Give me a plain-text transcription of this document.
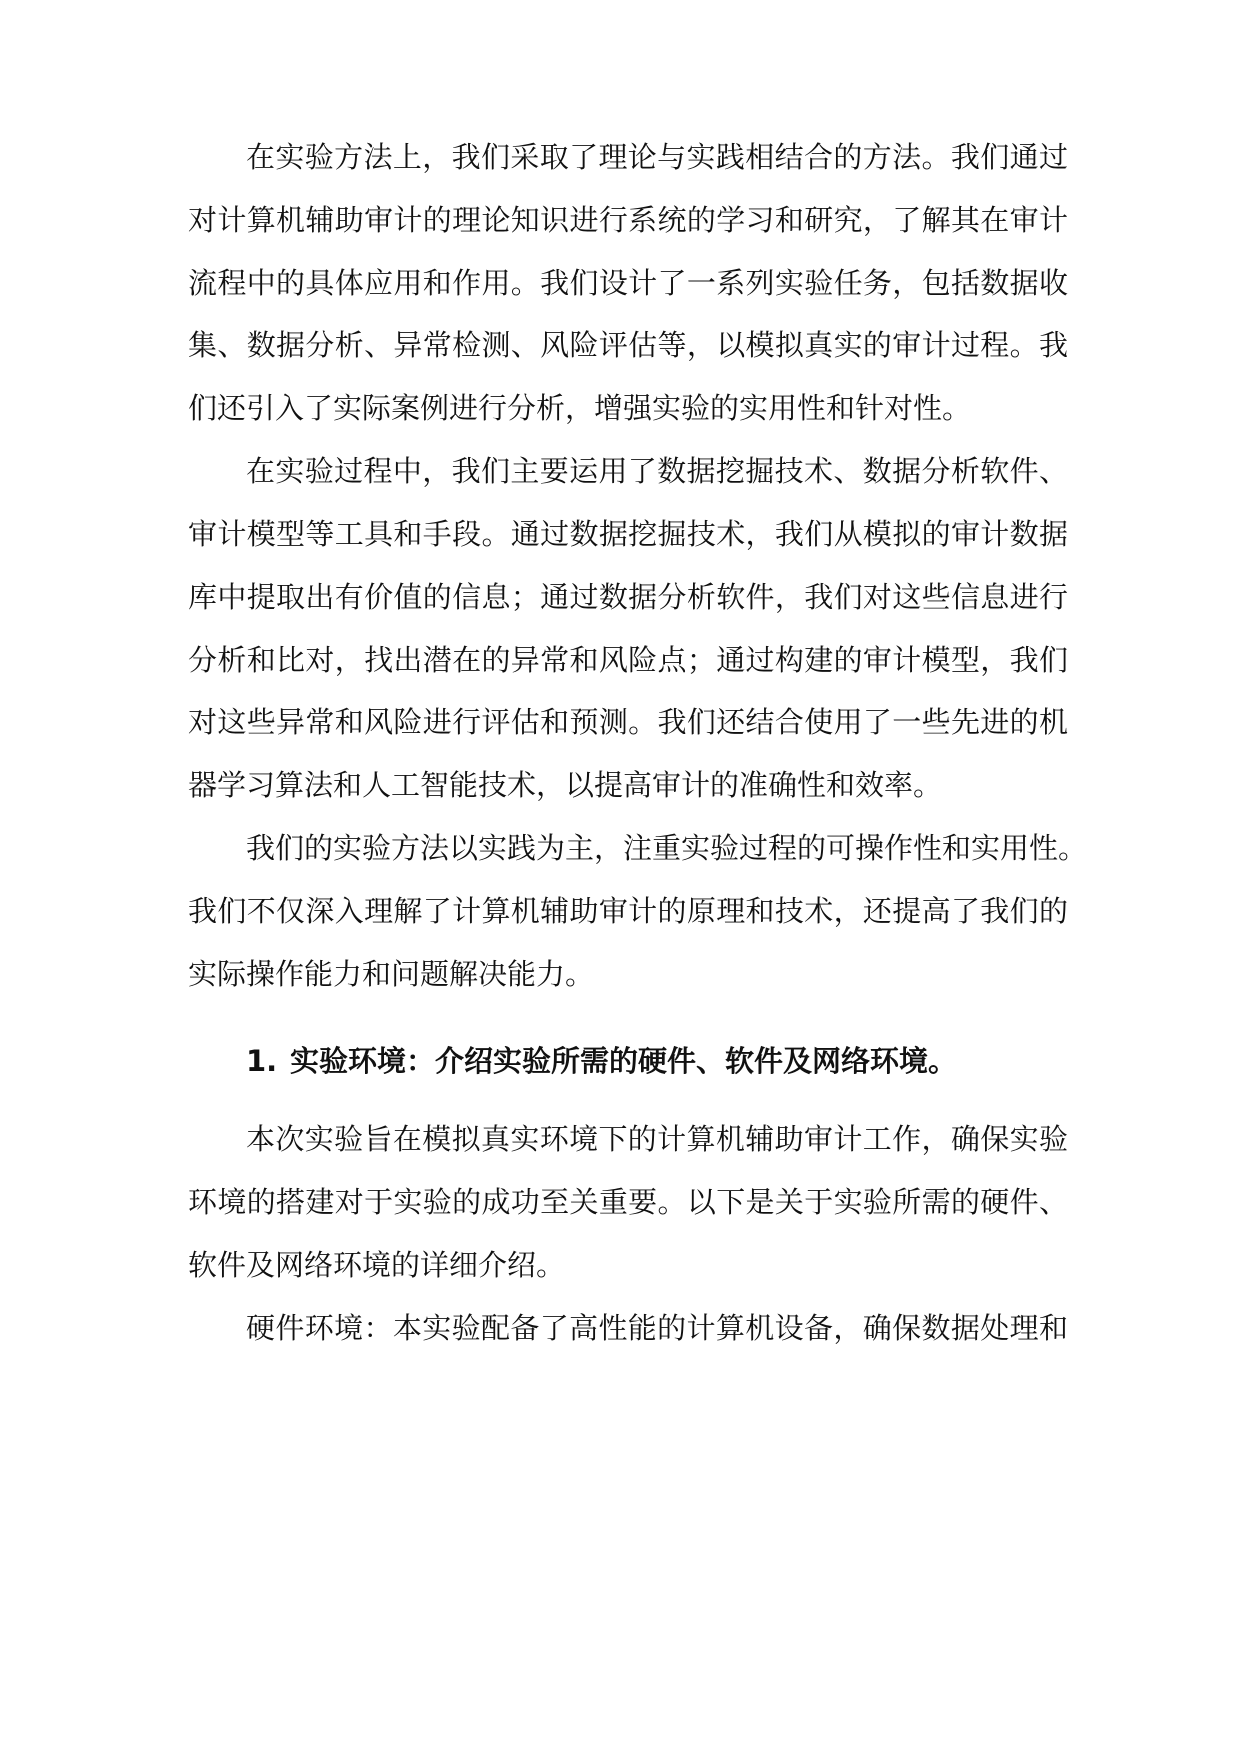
在实验方法上，我们采取了理论与实践相结合的方法。我们通过
对计算机辅助审计的理论知识进行系统的学习和研究，了解其在审计
流程中的具体应用和作用。我们设计了一系列实验任务，包括数据收
集、数据分析、异常检测、风险评估等，以模拟真实的审计过程。我
们还引入了实际案例进行分析，增强实验的实用性和针对性。
在实验过程中，我们主要运用了数据挖掘技术、数据分析软件、
审计模型等工具和手段。通过数据挖掘技术，我们从模拟的审计数据
库中提取出有价值的信息；通过数据分析软件，我们对这些信息进行
分析和比对，找出潜在的异常和风险点；通过构建的审计模型，我们
对这些异常和风险进行评估和预测。我们还结合使用了一些先进的机
器学习算法和人工智能技术，以提高审计的准确性和效率。
我们的实验方法以实践为主，注重实验过程的可操作性和实用性。
我们不仅深入理解了计算机辅助审计的原理和技术，还提高了我们的
实际操作能力和问题解决能力。
1. 实验环境：介绍实验所需的硬件、软件及网络环境。
本次实验旨在模拟真实环境下的计算机辅助审计工作，确保实验
环境的搭建对于实验的成功至关重要。以下是关于实验所需的硬件、
软件及网络环境的详细介绍。
硬件环境：本实验配备了高性能的计算机设备，确保数据处理和
